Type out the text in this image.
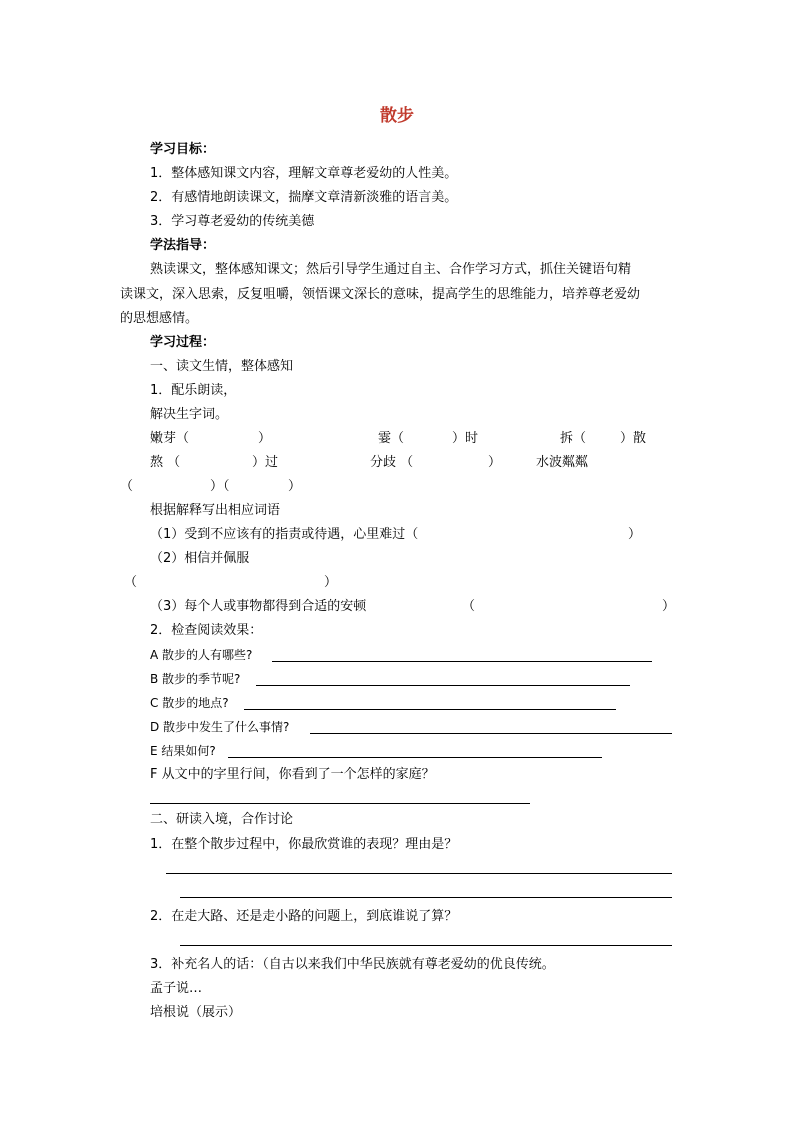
散步
学习目标：
1．整体感知课文内容，理解文章尊老爱幼的人性美。
2．有感情地朗读课文，揣摩文章清新淡雅的语言美。
3．学习尊老爱幼的传统美德
学法指导：
熟读课文，整体感知课文；然后引导学生通过自主、合作学习方式，抓住关键语句精
读课文，深入思索，反复咀嚼，领悟课文深长的意味，提高学生的思维能力，培养尊老爱幼
的思想感情。
学习过程：
一、读文生情，整体感知
1．配乐朗读，
解决生字词。
嫩芽（	）	霎（	）时	拆（	）散
熬 （	）过	分歧 （	）	水波粼粼
（	）（	）
根据解释写出相应词语
（1）受到不应该有的指责或待遇，心里难过（	）
（2）相信并佩服
（	）
（3）每个人或事物都得到合适的安顿	（	）
2．检查阅读效果：
A 散步的人有哪些?
B 散步的季节呢?
C 散步的地点?
D 散步中发生了什么事情?
E 结果如何?
F 从文中的字里行间，你看到了一个怎样的家庭？
二、研读入境，合作讨论
1．在整个散步过程中，你最欣赏谁的表现？理由是？
2．在走大路、还是走小路的问题上，到底谁说了算？
3．补充名人的话：（自古以来我们中华民族就有尊老爱幼的优良传统。
孟子说…
培根说（展示）
